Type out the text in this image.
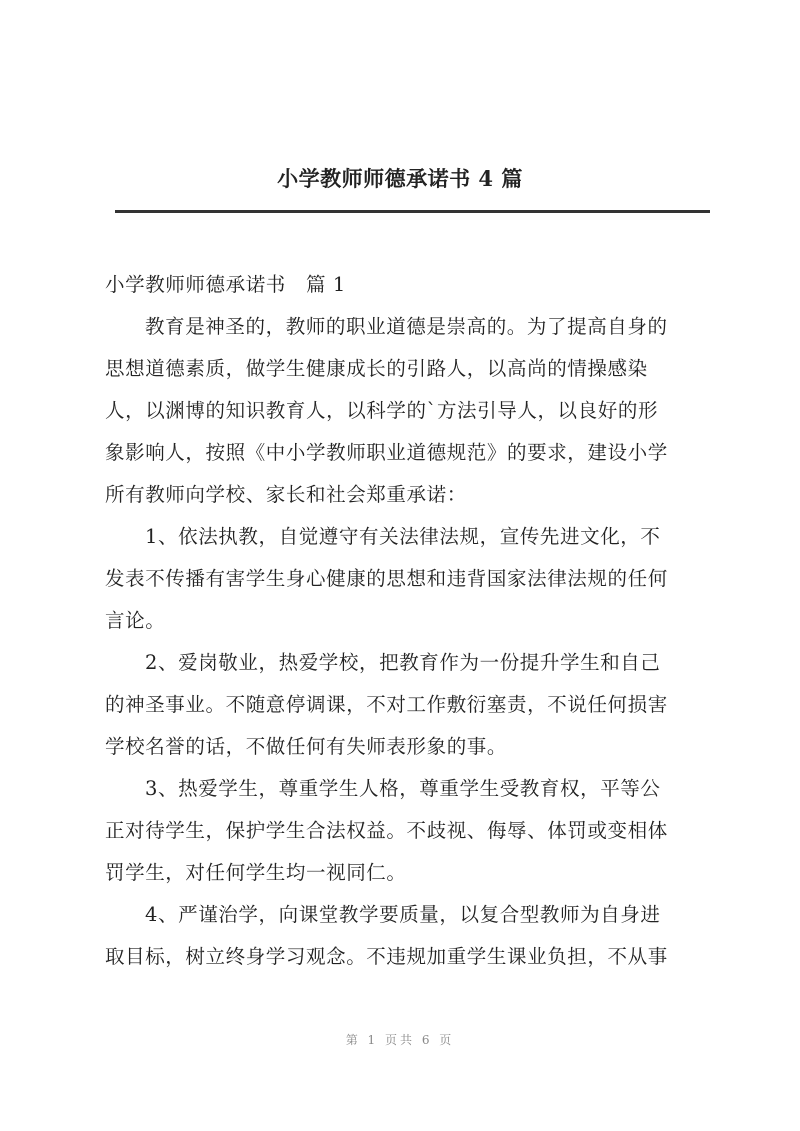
小学教师师德承诺书 4 篇
小学教师师德承诺书　篇 1
教育是神圣的，教师的职业道德是崇高的。为了提高自身的
思想道德素质，做学生健康成长的引路人，以高尚的情操感染
人，以渊博的知识教育人，以科学的`方法引导人，以良好的形
象影响人，按照《中小学教师职业道德规范》的要求，建设小学
所有教师向学校、家长和社会郑重承诺：
1、依法执教，自觉遵守有关法律法规，宣传先进文化，不
发表不传播有害学生身心健康的思想和违背国家法律法规的任何
言论。
2、爱岗敬业，热爱学校，把教育作为一份提升学生和自己
的神圣事业。不随意停调课，不对工作敷衍塞责，不说任何损害
学校名誉的话，不做任何有失师表形象的事。
3、热爱学生，尊重学生人格，尊重学生受教育权，平等公
正对待学生，保护学生合法权益。不歧视、侮辱、体罚或变相体
罚学生，对任何学生均一视同仁。
4、严谨治学，向课堂教学要质量，以复合型教师为自身进
取目标，树立终身学习观念。不违规加重学生课业负担，不从事
第 1 页共 6 页
